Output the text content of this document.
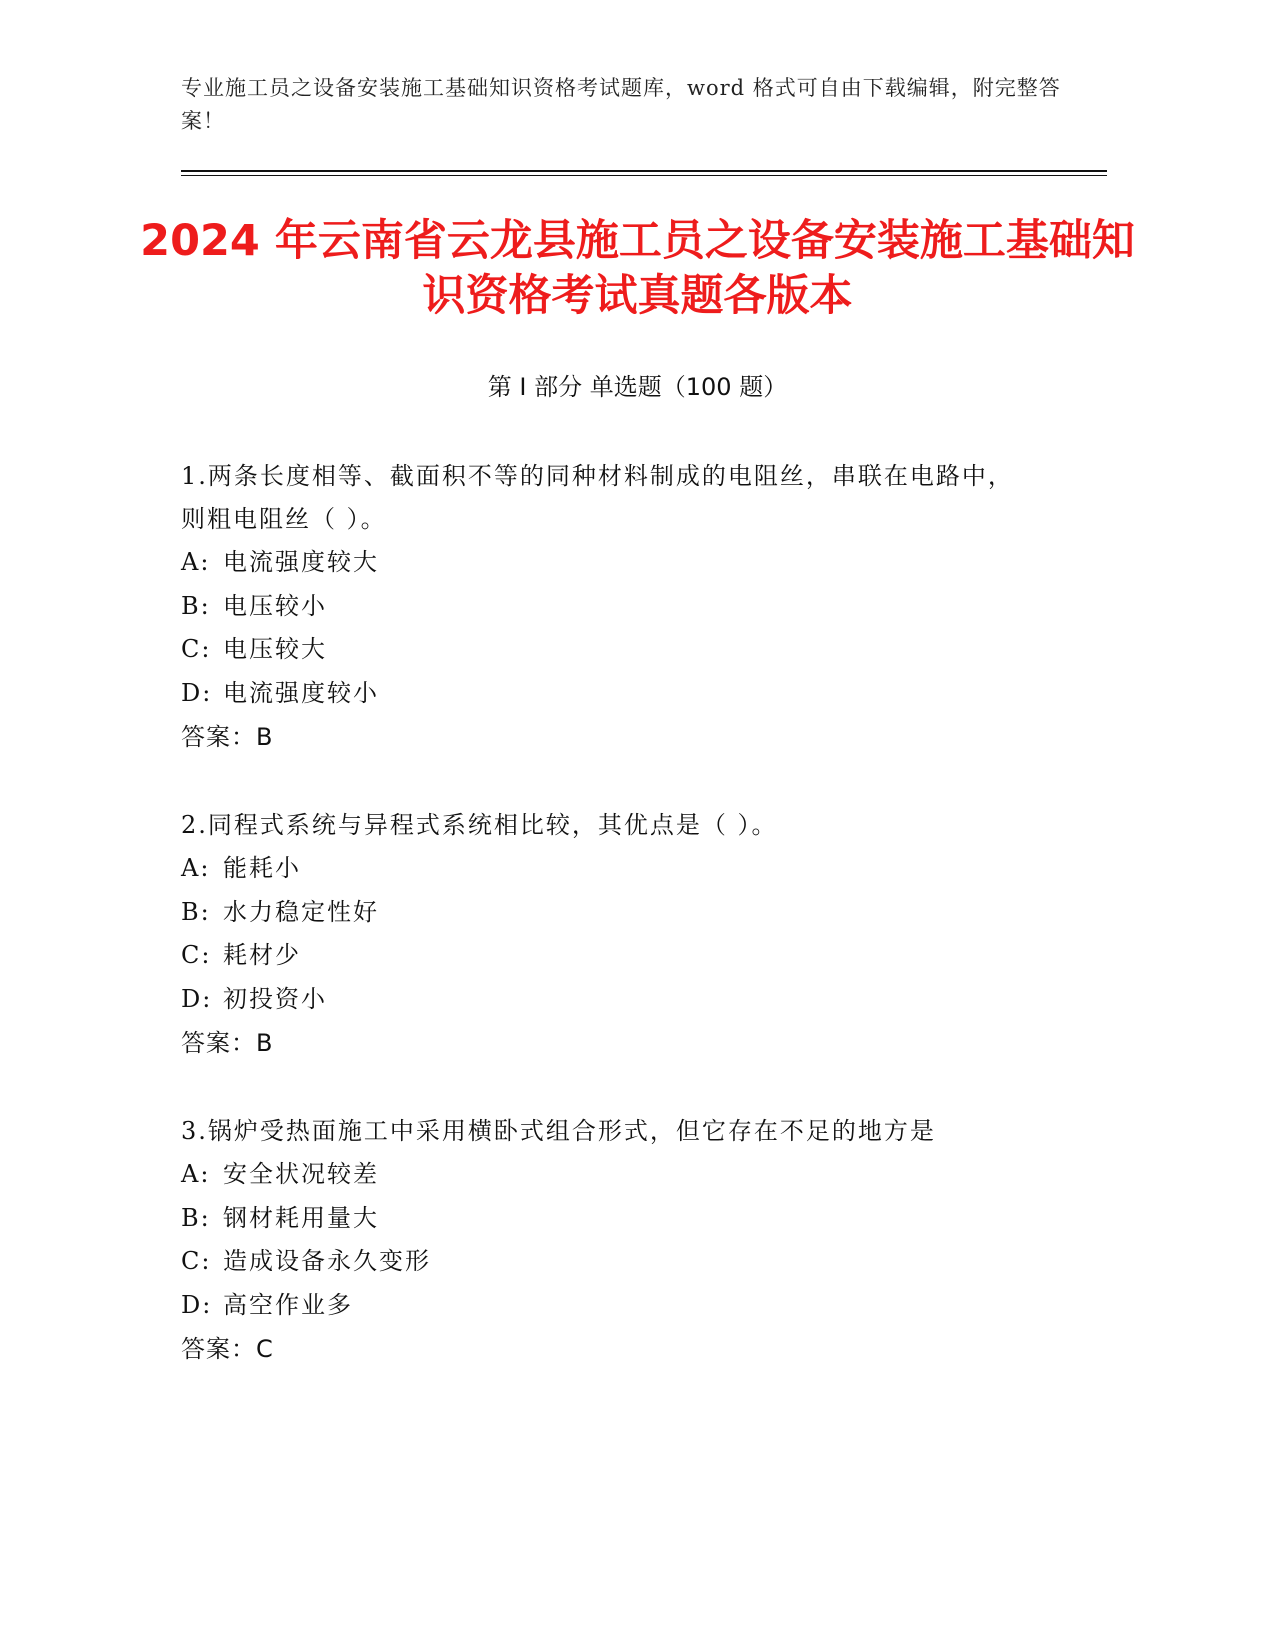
专业施工员之设备安装施工基础知识资格考试题库，word 格式可自由下载编辑，附完整答案！
2024 年云南省云龙县施工员之设备安装施工基础知识资格考试真题各版本
第 I 部分 单选题（100 题）
1.两条长度相等、截面积不等的同种材料制成的电阻丝，串联在电路中，则粗电阻丝（ ）。
A: 电流强度较大
B: 电压较小
C: 电压较大
D: 电流强度较小
答案：B
2.同程式系统与异程式系统相比较，其优点是（ ）。
A: 能耗小
B: 水力稳定性好
C: 耗材少
D: 初投资小
答案：B
3.锅炉受热面施工中采用横卧式组合形式，但它存在不足的地方是
A: 安全状况较差
B: 钢材耗用量大
C: 造成设备永久变形
D: 高空作业多
答案：C
